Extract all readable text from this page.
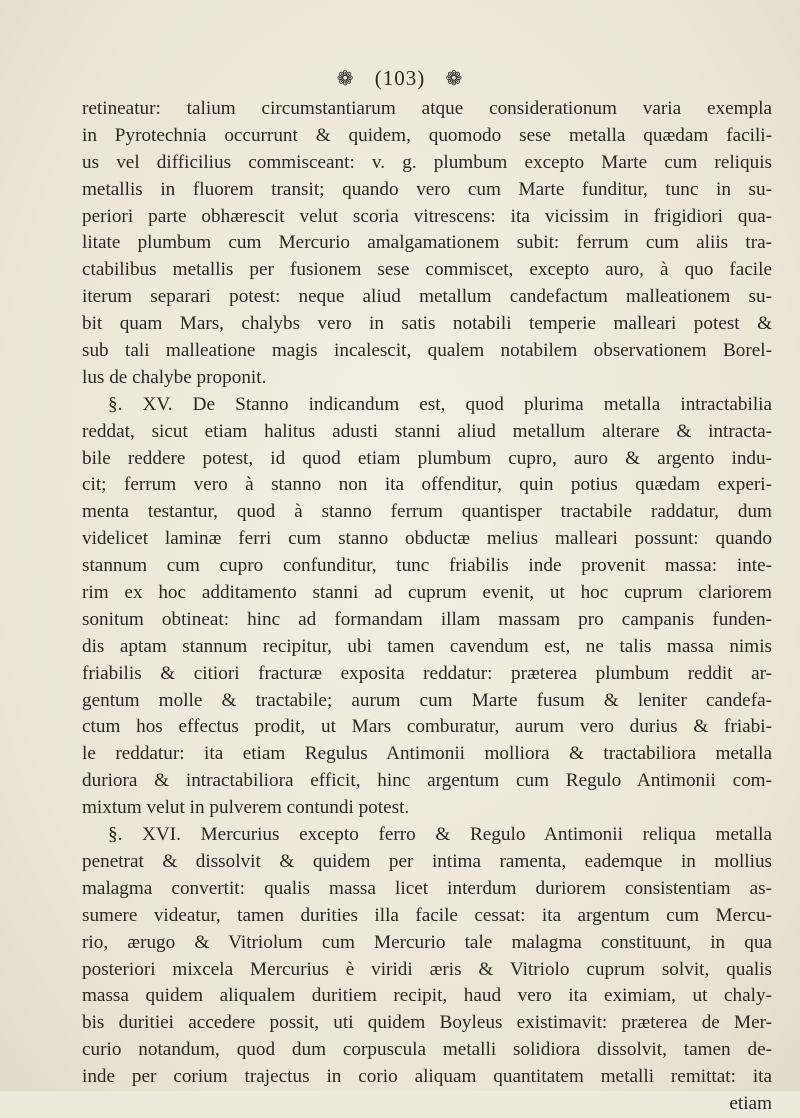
❁ (103) ❁
retineatur: talium circumstantiarum atque considerationum varia exempla
in Pyrotechnia occurrunt & quidem, quomodo sese metalla quædam facili-
us vel difficilius commisceant: v. g. plumbum excepto Marte cum reliquis
metallis in fluorem transit; quando vero cum Marte funditur, tunc in su-
periori parte obhærescit velut scoria vitrescens: ita vicissim in frigidiori qua-
litate plumbum cum Mercurio amalgamationem subit: ferrum cum aliis tra-
ctabilibus metallis per fusionem sese commiscet, excepto auro, à quo facile
iterum separari potest: neque aliud metallum candefactum malleationem su-
bit quam Mars, chalybs vero in satis notabili temperie malleari potest &
sub tali malleatione magis incalescit, qualem notabilem observationem Borel-
lus de chalybe proponit.
§. XV. De Stanno indicandum est, quod plurima metalla intractabilia
reddat, sicut etiam halitus adusti stanni aliud metallum alterare & intracta-
bile reddere potest, id quod etiam plumbum cupro, auro & argento indu-
cit; ferrum vero à stanno non ita offenditur, quin potius quædam experi-
menta testantur, quod à stanno ferrum quantisper tractabile raddatur, dum
videlicet laminæ ferri cum stanno obductæ melius malleari possunt: quando
stannum cum cupro confunditur, tunc friabilis inde provenit massa: inte-
rim ex hoc additamento stanni ad cuprum evenit, ut hoc cuprum clariorem
sonitum obtineat: hinc ad formandam illam massam pro campanis funden-
dis aptam stannum recipitur, ubi tamen cavendum est, ne talis massa nimis
friabilis & citiori fracturæ exposita reddatur: præterea plumbum reddit ar-
gentum molle & tractabile; aurum cum Marte fusum & leniter candefa-
ctum hos effectus prodit, ut Mars comburatur, aurum vero durius & friabi-
le reddatur: ita etiam Regulus Antimonii molliora & tractabiliora metalla
duriora & intractabiliora efficit, hinc argentum cum Regulo Antimonii com-
mixtum velut in pulverem contundi potest.
§. XVI. Mercurius excepto ferro & Regulo Antimonii reliqua metalla
penetrat & dissolvit & quidem per intima ramenta, eademque in mollius
malagma convertit: qualis massa licet interdum duriorem consistentiam as-
sumere videatur, tamen durities illa facile cessat: ita argentum cum Mercu-
rio, ærugo & Vitriolum cum Mercurio tale malagma constituunt, in qua
posteriori mixcela Mercurius è viridi æris & Vitriolo cuprum solvit, qualis
massa quidem aliqualem duritiem recipit, haud vero ita eximiam, ut chaly-
bis duritiei accedere possit, uti quidem Boyleus existimavit: præterea de Mer-
curio notandum, quod dum corpuscula metalli solidiora dissolvit, tamen de-
inde per corium trajectus in corio aliquam quantitatem metalli remittat: ita
etiam
